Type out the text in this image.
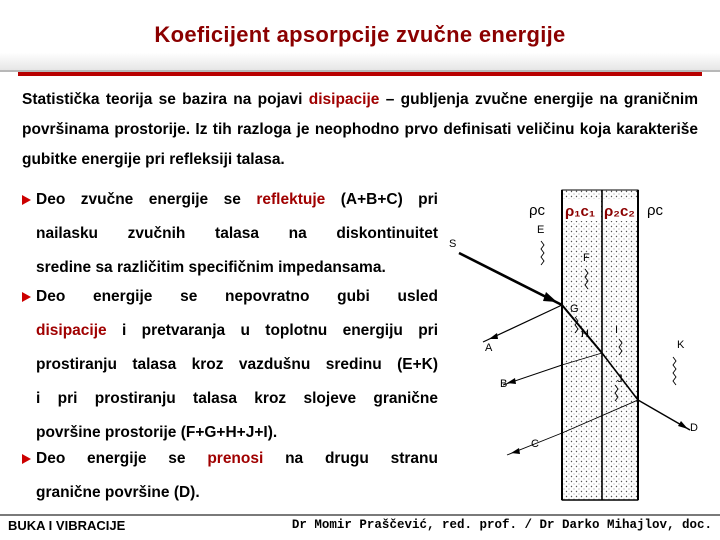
Koeficijent apsorpcije zvučne energije
Statistička teorija se bazira na pojavi disipacije – gubljenja zvučne energije na graničnim površinama prostorije. Iz tih razloga je neophodno prvo definisati veličinu koja karakteriše gubitke energije pri refleksiji talasa.
Deo zvučne energije se reflektuje (A+B+C) pri
nailasku zvučnih talasa na diskontinuitet
sredine sa različitim specifičnim impedansama.
Deo energije se nepovratno gubi usled
disipacije i pretvaranja u toplotnu energiju pri
prostiranju talasa kroz vazdušnu sredinu (E+K)
i pri prostiranju talasa kroz slojeve granične
površine prostorije (F+G+H+J+I).
Deo energije se prenosi na drugu stranu
granične površine (D).
ρc ρ₁c₁ ρ₂c₂ ρc
S
A
B
C
D
K
E
F
G
H I
J
BUKA I VIBRACIJE	Dr Momir Praščević, red. prof. / Dr Darko Mihajlov, doc.
